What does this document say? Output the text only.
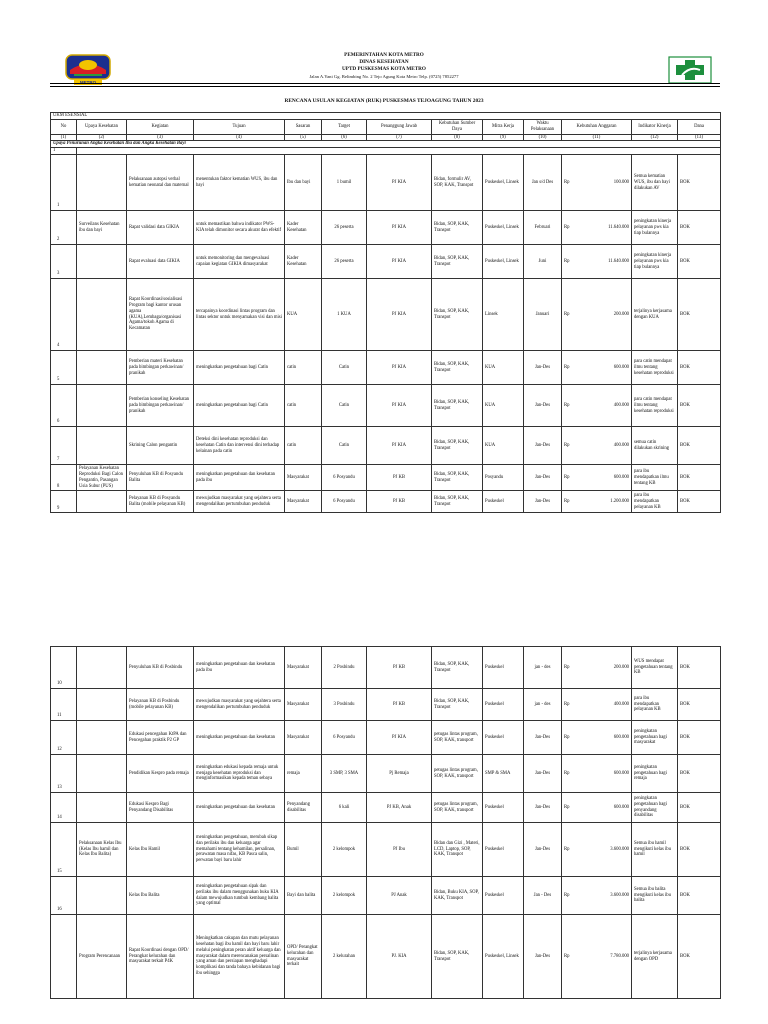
METRO
PEMERINTAHAN KOTA METRO
DINAS KESEHATAN
UPTD PUSKESMAS KOTA METRO
Jalan A.Yani Gg. Belimbing No. 2 Tejo Agung Kota Metro Telp. (0725) 7852277
RENCANA USULAN KEGIATAN (RUK) PUSKESMAS TEJOAGUNG TAHUN 2023
UKM ESENSIAL												
No	Upaya Kesehatan	Kegiatan	Tujuan	Sasaran	Target	Penanggung Jawab	Kebutuhan Sumber Daya	Mitra Kerja	Waktu Pelaksanaan	Kebutuhan Anggaran	Indikator Kinerja	Dana
(1)	(2)	(3)	(4)	(5)	(6)	(7)	(8)	(9)	(10)	(11)	(12)	(13)
Upaya Penurunan Angka Kesehatan Ibu dan Angka Kesehatan Bayi												
1												
1		Pelaksanaan autopsi verbal kematian neonatal dan maternal	menentukan faktor kematian WUS, ibu dan bayi	Ibu dan bayi	1 bumil	PJ KIA	Bidan, formulir AV, SOP, KAK, Transpot	Puskeskel, Linsek	Jan s/d Des	Rp 100.000	Semua kematian WUS, ibu dan bayi dilakukan AV	BOK
2	Surveilans Kesehatan ibu dan bayi	Rapat validasi data GIKIA	untuk memastikan bahwa indikator PWS-KIA telah dimonitor secara akurat dan efektif	Kader Kesehatan	26 peserta	PJ KIA	Bidan, SOP, KAK, Transpot	Puskeskel, Linsek	Februari	Rp 11.640.000	peningkatan kinerja pelayanan pws kia tiap bulannya	BOK
3		Rapat evaluasi data GIKIA	untuk memonitoring dan mengevaluasi capaian kegiatan GIKIA dimasyarakat	Kader Kesehatan	26 peserta	PJ KIA	Bidan, SOP, KAK, Transpot	Puskeskel, Linsek	Juni	Rp 11.640.000	peningkatan kinerja pelayanan pws kia tiap bulannya	BOK
4		Rapat Koordinasi/sosialisasi Program bagi kantor urusan agama (KUA),Lembaga/organisasi Agama/tokoh Agama di Kecamatan	tercapainya koordinasi lintas program dan lintas sektor untuk menyamakan visi dan misi	KUA	1 KUA	PJ KIA	Bidan, SOP, KAK, Transpot	Linsek	Januari	Rp 200.000	terjalinya kerjasama dengan KUA	BOK
5		Pemberian materi Kesehatan pada bimbingan perkawinan/ pranikah	meningkatkan pengetahuan bagi Catin	catin	Catin	PJ KIA	Bidan, SOP, KAK, Transpot	KUA	Jan-Des	Rp 600.000	para catin mendapat ilmu tentang kesehatan reproduksi	BOK
6		Pemberian konseling Kesehatan pada bimbingan perkawinan/ pranikah	meningkatkan pengetahuan bagi Catin	catin	Catin	PJ KIA	Bidan, SOP, KAK, Transpot	KUA	Jan-Des	Rp 400.000	para catin mendapat ilmu tentang kesehatan reproduksi	BOK
7		Skrining Calon pengantin	Deteksi dini kesehatan reproduksi dan kesehatan Catin dan intervensi dini terhadap kelainan pada catin	catin	Catin	PJ KIA	Bidan, SOP, KAK, Transpot	KUA	Jan-Des	Rp 400.000	semua catin dilakukan skrining	BOK
8	Pelayanan Kesehatan Reproduksi Bagi Calon Pengantin, Pasangan Usia Subur (PUS)	Penyuluhan KB di Posyandu Balita	meningkatkan pengetahuan dan kesehatan pada ibu	Masyarakat	6 Posyandu	PJ KB	Bidan, SOP, KAK, Transpot	Posyandu	Jan-Des	Rp 600.000	para ibu mendapatkan ilmu tentang KB	BOK
9		Pelayanan KB di Posyandu Balita (mobile pelayanan KB)	mewujudkan masyarakat yang sejahtera serta mengendalikan pertumbuhan penduduk	Masyarakat	6 Posyandu	PJ KB	Bidan, SOP, KAK, Transpot	Puskeskel	Jan-Des	Rp 1.200.000	para ibu mendapatkan pelayanan KB	BOK
10		Penyuluhan KB di Posbindu	meningkatkan pengetahuan dan kesehatan pada ibu	Masyarakat	2 Posbindu	PJ KB	Bidan, SOP, KAK, Transpot	Puskeskel	jan - des	Rp 200.000	WUS mendapat pengetahuan tentang KB	BOK
11		Pelayanan KB di Posbindu (mobile pelayanan KB)	mewujudkan masyarakat yang sejahtera serta mengendalikan pertumbuhan penduduk	Masyarakat	3 Posbindu	PJ KB	Bidan, SOP, KAK, Transpot	Puskeskel	jan - des	Rp 400.000	para ibu mendapatkan pelayanan KB	BOK
12		Edukasi pencegahan KtPA dan Pencegahan praktik P2 GP	meningkatkan pengetahuan dan kesehatan	Masyarakat	6 Posyandu	PJ KIA	petugas lintas program, SOP, KAK, transport	Puskeskel	Jan-Des	Rp 600.000	peningkatan pengetahuan bagi masyarakat	BOK
13		Pendidikan Kespro pada remaja	meningkatkan edukasi kepada remaja untuk menjaga kesehatan reproduksi dan menginformasikan kepada teman sebaya	remaja	3 SMP, 3 SMA	Pj Remaja	petugas lintas program, SOP, KAK, transport	SMP & SMA	Jan-Des	Rp 600.000	peningkatan pengetahuan bagi remaja	BOK
14		Edukasi Kespro Bagi Penyandang Disabilitas	meningkatkan pengetahuan dan kesehatan	Penyandang disabilitas	6 kali	PJ KB, Anak	petugas lintas program, SOP, KAK, transport	Puskeskel	Jan-Des	Rp 600.000	peningkatan pengetahuan bagi penyandang disabilitas	BOK
15	Pelaksanaan Kelas Ibu (Kelas Ibu hamil dan Kelas Ibu Balita)	Kelas Ibu Hamil	meningkatkan pengetahuan, merubah sikap dan perilaku ibu dan keluarga agar memahami tentang kehamilan, persalinan, perawatan masa nifas, KB Pasca salin, perwatan bayi baru lahir	Bumil	2 kelompok	PJ Ibu	Bidan dan Gizi , Materi, LCD, Laptop, SOP, KAK, Transpot	Puskeskel	Jan-Des	Rp 3.600.000	Semua ibu hamil mengikuti kelas ibu hamil	BOK
16		Kelas Ibu Balita	meningkatkan pengetahuan sipak dan perilaku ibu dalam menggunakan buku KIA dalam mewujudkan tumbuh kembang balita yang optimal	Bayi dan balita	2 kelompok	PJ Anak	Bidan, Buku KIA, SOP, KAK, Transpot	Puskeskel	Jan - Des	Rp 3.600.000	Semua ibu balita mengikuti kelas ibu balita	BOK
	Program Perencanaan	Rapat Koordinasi dengan OPD/ Perangkat kelurahan dan masyarakat terkait P4K	Meningkatkan cakupan dan mutu pelayanan kesehatan bagi ibu hamil dan bayi baru lahir melalui peningkatan peran aktif keluarga dan masyarakat dalam merencanakan persalinan yang aman dan persiapan menghadapi komplikasi dan tanda bahaya kebidanan bagi ibu sehingga	OPD/ Perangkat kelurahan dan masyarakat terkait	2 kelurahan	PJ. KIA	Bidan, SOP, KAK, Transpot	Puskeskel, Linsek	Jan-Des	Rp 7.780.000	terjalinya kerjasama dengan OPD	BOK
